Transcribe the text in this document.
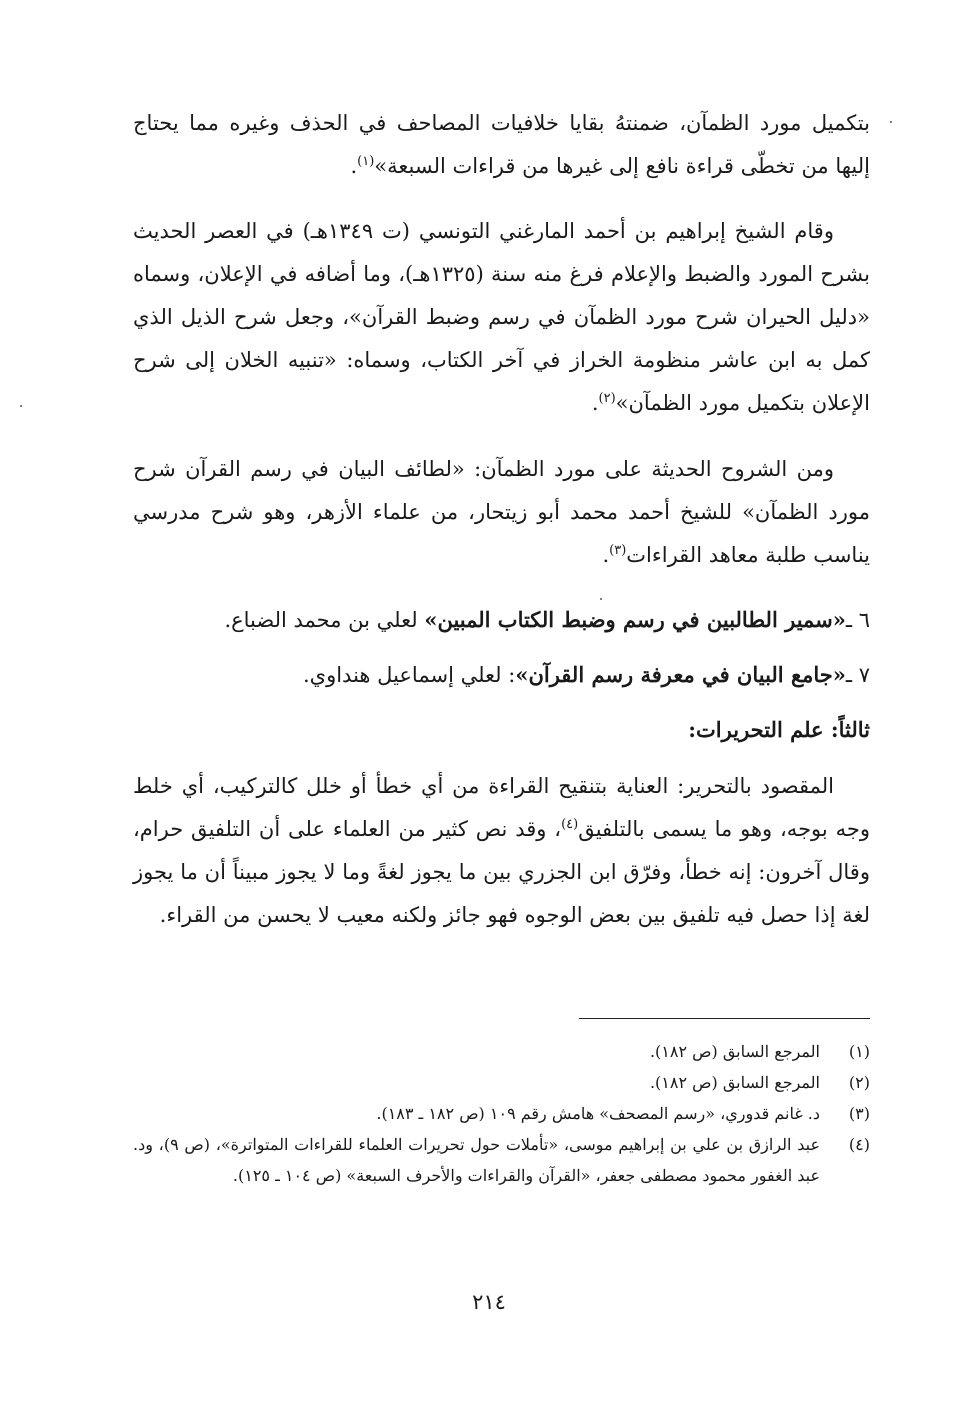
بتكميل مورد الظمآن، ضمنتهُ بقايا خلافيات المصاحف في الحذف وغيره مما يحتاج

إليها من تخطّى قراءة نافع إلى غيرها من قراءات السبعة»$^{(١)}$.

وقام الشيخ إبراهيم بن أحمد المارغني التونسي (ت ١٣٤٩هـ) في العصر الحديث بشرح المورد والضبط والإعلام فرغ منه سنة (١٣٢٥هـ)، وما أضافه في الإعلان، وسماه «دليل الحيران شرح مورد الظمآن في رسم وضبط القرآن»، وجعل شرح الذيل الذي كمل به ابن عاشر منظومة الخراز في آخر الكتاب، وسماه: «تنبيه الخلان إلى شرح الإعلان بتكميل مورد الظمآن»$^{(٢)}$.

ومن الشروح الحديثة على مورد الظمآن: «لطائف البيان في رسم القرآن شرح مورد الظمآن» للشيخ أحمد محمد أبو زيتحار، من علماء الأزهر، وهو شرح مدرسي يناسب طلبة معاهد القراءات$^{(٣)}$.

٦ ـ«سمير الطالبين في رسم وضبط الكتاب المبين» لعلي بن محمد الضباع.
٧ ـ«جامع البيان في معرفة رسم القرآن»: لعلي إسماعيل هنداوي.
ثالثاً: علم التحريرات:

المقصود بالتحرير: العناية بتنقيح القراءة من أي خطأ أو خلل كالتركيب، أي خلط وجه بوجه، وهو ما يسمى بالتلفيق$^{(٤)}$، وقد نص كثير من العلماء على أن التلفيق حرام، وقال آخرون: إنه خطأ، وفرّق ابن الجزري بين ما يجوز لغةً وما لا يجوز مبيناً أن ما يجوز لغة إذا حصل فيه تلفيق بين بعض الوجوه فهو جائز ولكنه معيب لا يحسن من القراء.

(١)
المرجع السابق (ص ١٨٢).
(٢)
المرجع السابق (ص ١٨٢).
(٣)
د. غانم قدوري، «رسم المصحف» هامش رقم ١٠٩ (ص ١٨٢ ـ ١٨٣).
(٤)
عبد الرازق بن علي بن إبراهيم موسى، «تأملات حول تحريرات العلماء للقراءات المتواترة»، (ص ٩)، ود. عبد الغفور محمود مصطفى جعفر، «القرآن والقراءات والأحرف السبعة» (ص ١٠٤ ـ ١٢٥).
٢١٤
